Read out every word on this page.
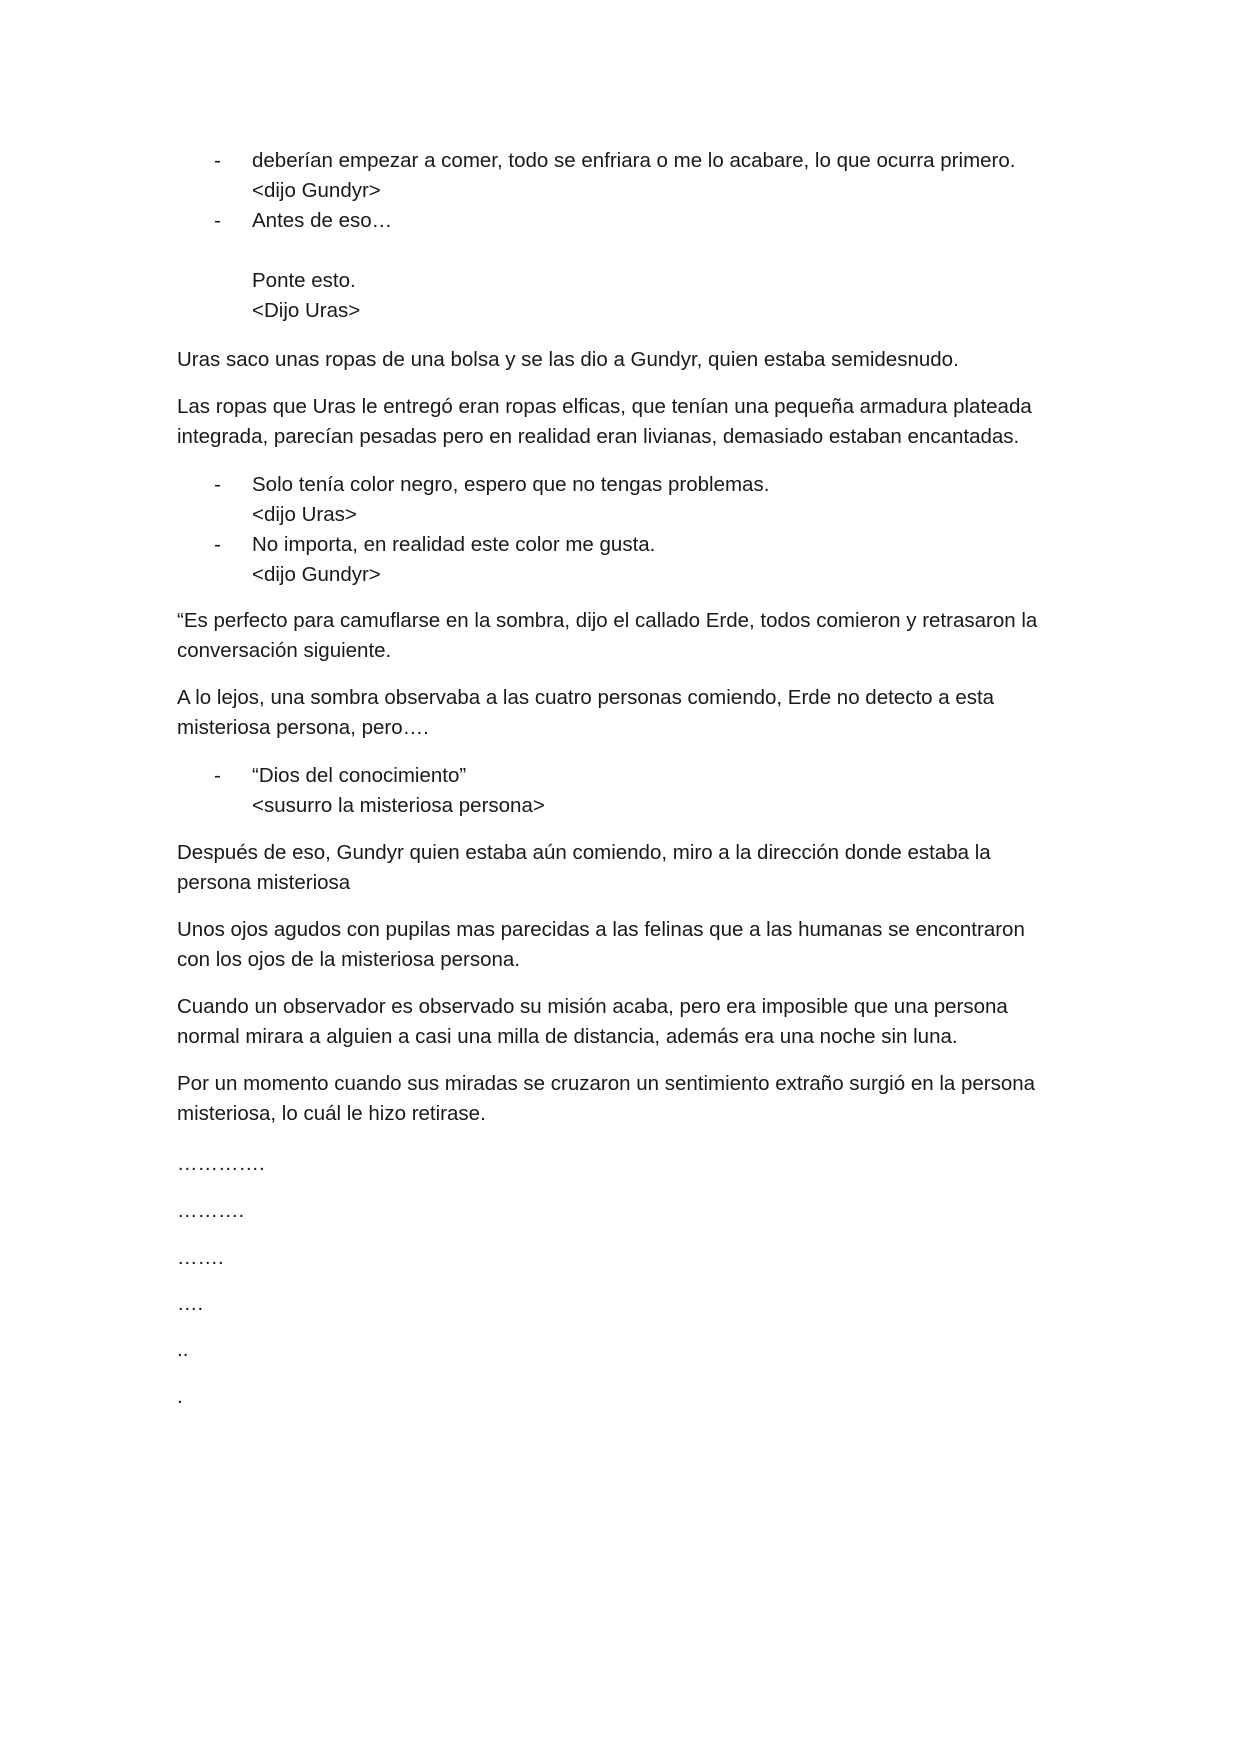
- deberían empezar a comer, todo se enfriara o me lo acabare, lo que ocurra primero.
<dijo Gundyr>
- Antes de eso…
Ponte esto.
<Dijo Uras>
Uras saco unas ropas de una bolsa y se las dio a Gundyr, quien estaba semidesnudo.
Las ropas que Uras le entregó eran ropas elficas, que tenían una pequeña armadura plateada
integrada, parecían pesadas pero en realidad eran livianas, demasiado estaban encantadas.
- Solo tenía color negro, espero que no tengas problemas.
<dijo Uras>
- No importa, en realidad este color me gusta.
<dijo Gundyr>
“Es perfecto para camuflarse en la sombra, dijo el callado Erde, todos comieron y retrasaron la
conversación siguiente.
A lo lejos, una sombra observaba a las cuatro personas comiendo, Erde no detecto a esta
misteriosa persona, pero….
- “Dios del conocimiento”
<susurro la misteriosa persona>
Después de eso, Gundyr quien estaba aún comiendo, miro a la dirección donde estaba la
persona misteriosa
Unos ojos agudos con pupilas mas parecidas a las felinas que a las humanas se encontraron
con los ojos de la misteriosa persona.
Cuando un observador es observado su misión acaba, pero era imposible que una persona
normal mirara a alguien a casi una milla de distancia, además era una noche sin luna.
Por un momento cuando sus miradas se cruzaron un sentimiento extraño surgió en la persona
misteriosa, lo cuál le hizo retirase.
………….
……….
…….
….
..
.
